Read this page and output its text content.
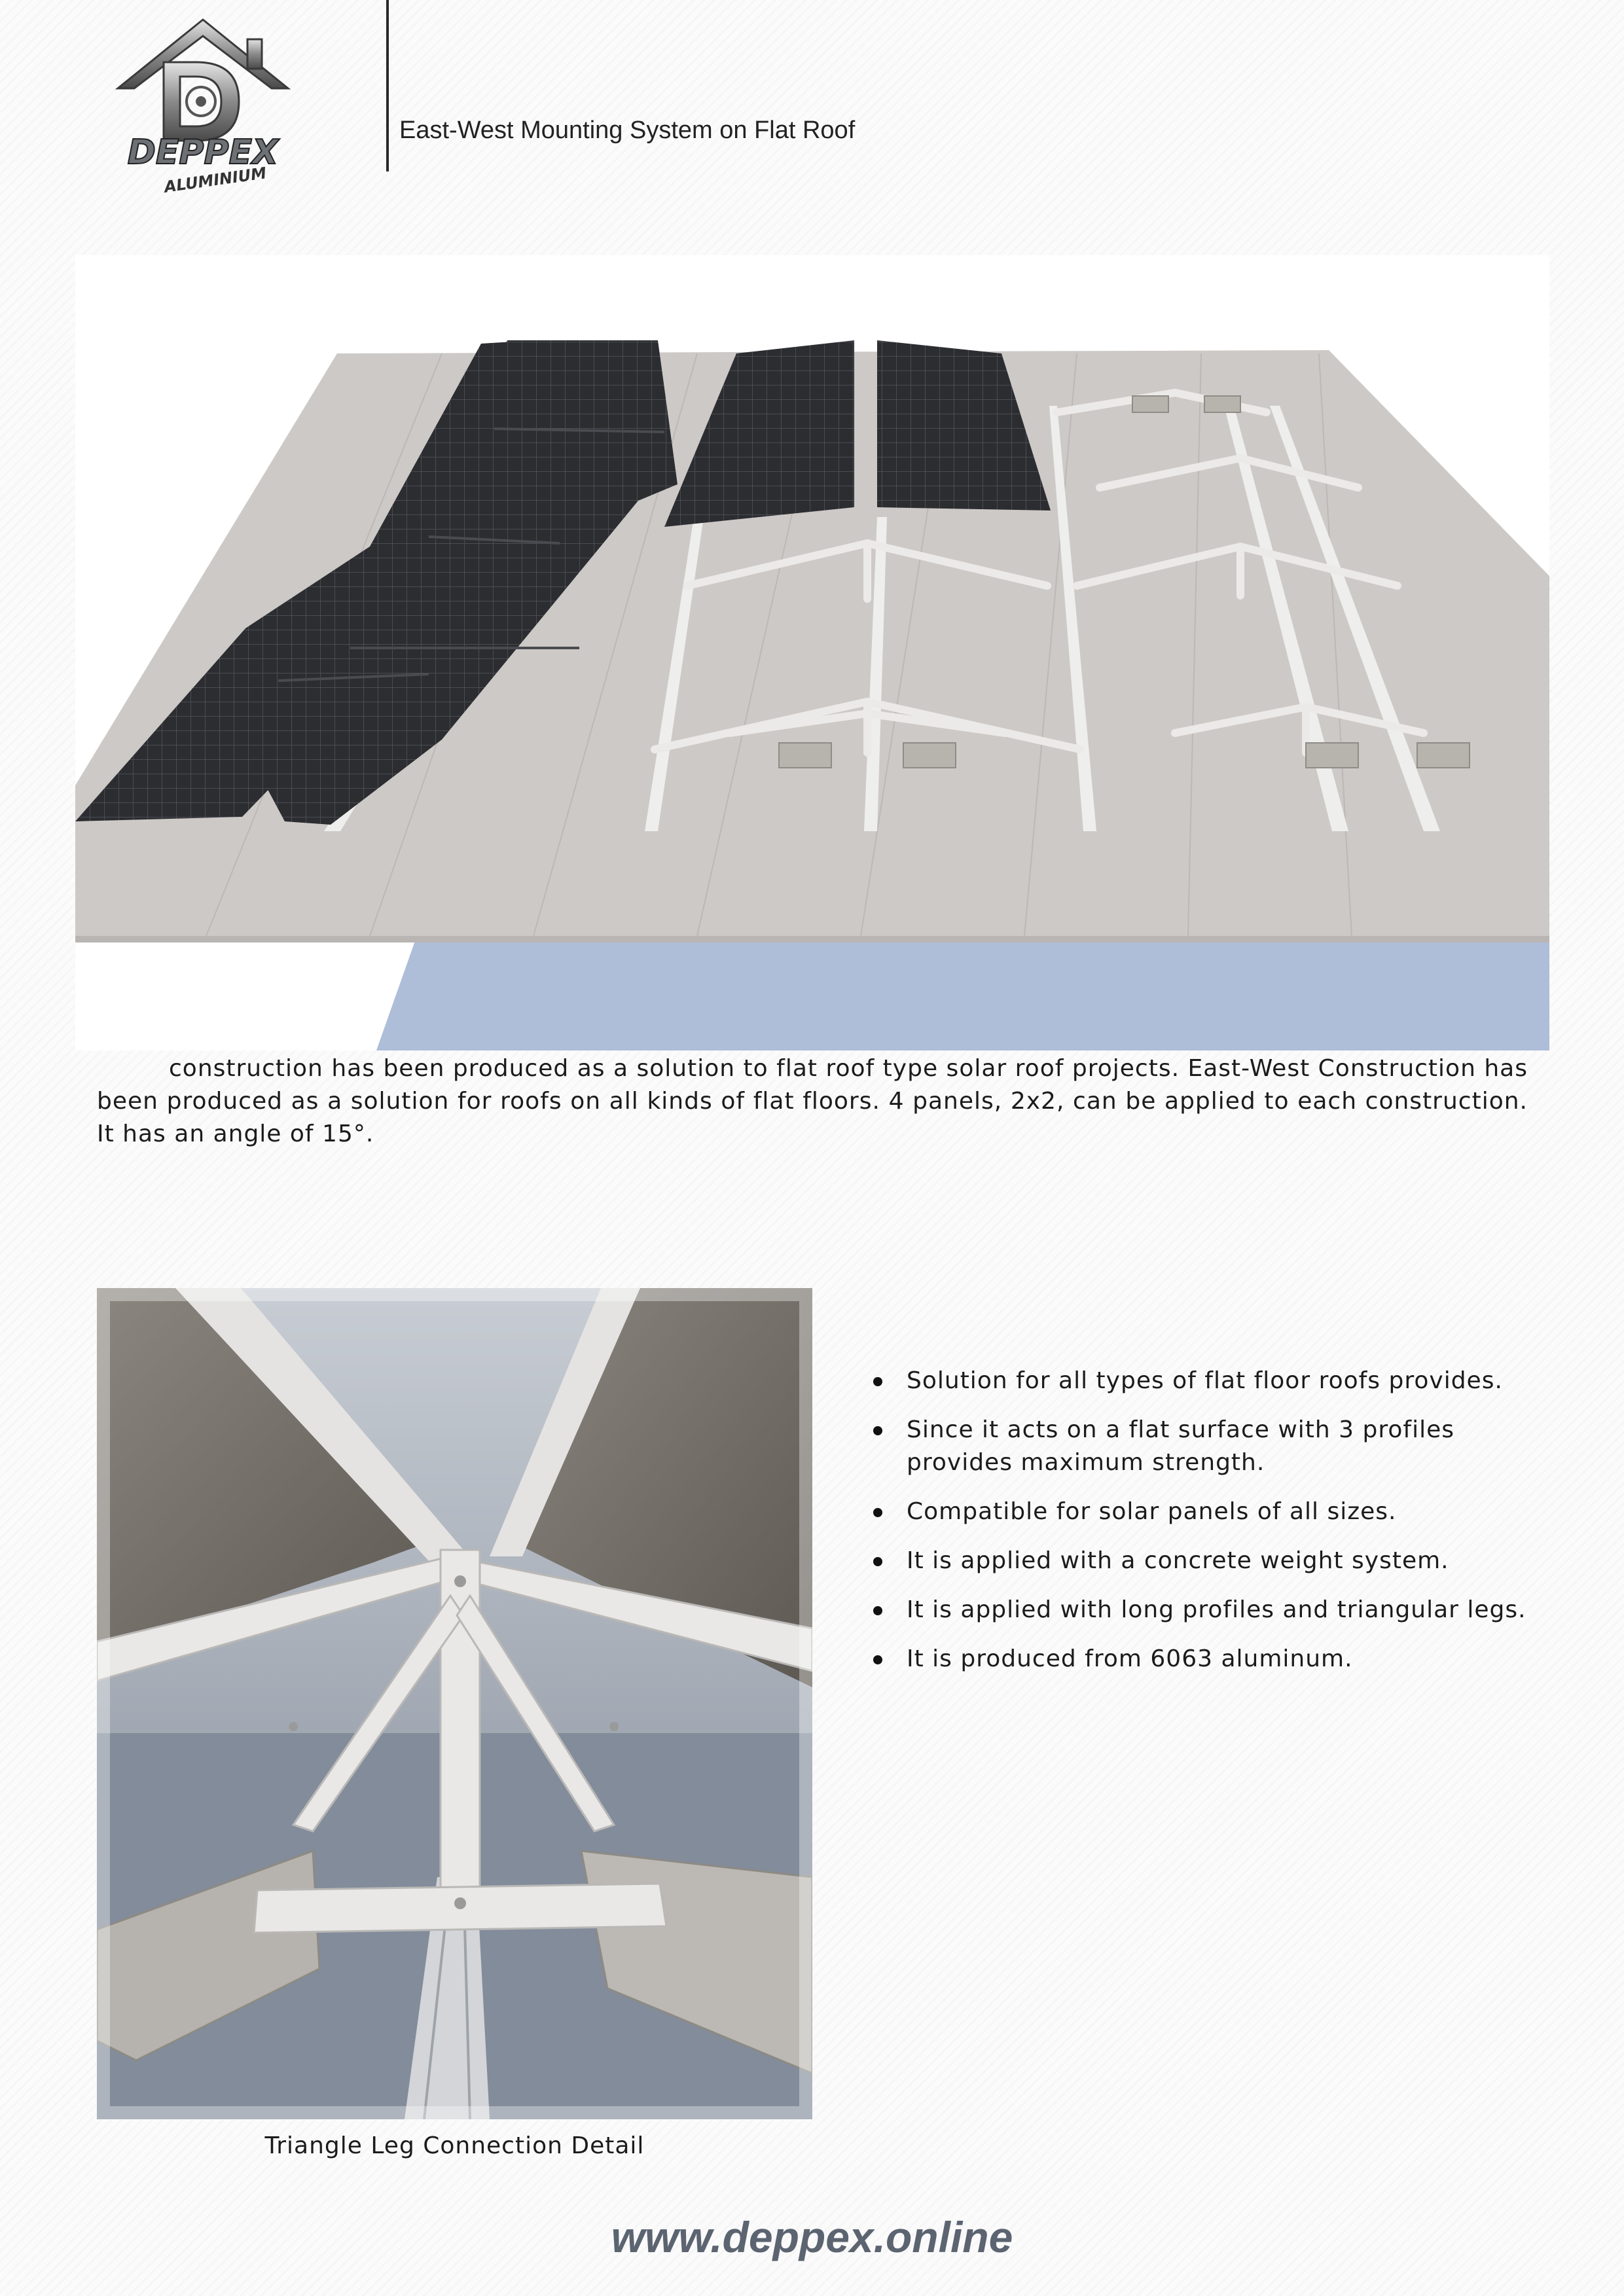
DEPPEX
ALUMINIUM
East-West Mounting System on Flat Roof
construction has been produced as a solution to flat roof type solar roof projects. East-West Construction has been produced as a solution for roofs on all kinds of flat floors. 4 panels, 2x2, can be applied to each construction. It has an angle of 15°.
Triangle Leg Connection Detail
Solution for all types of flat floor roofs provides.
Since it acts on a flat surface with 3 profiles provides maximum strength.
Compatible for solar panels of all sizes.
It is applied with a concrete weight system.
It is applied with long profiles and triangular legs.
It is produced from 6063 aluminum.
www.deppex.online
